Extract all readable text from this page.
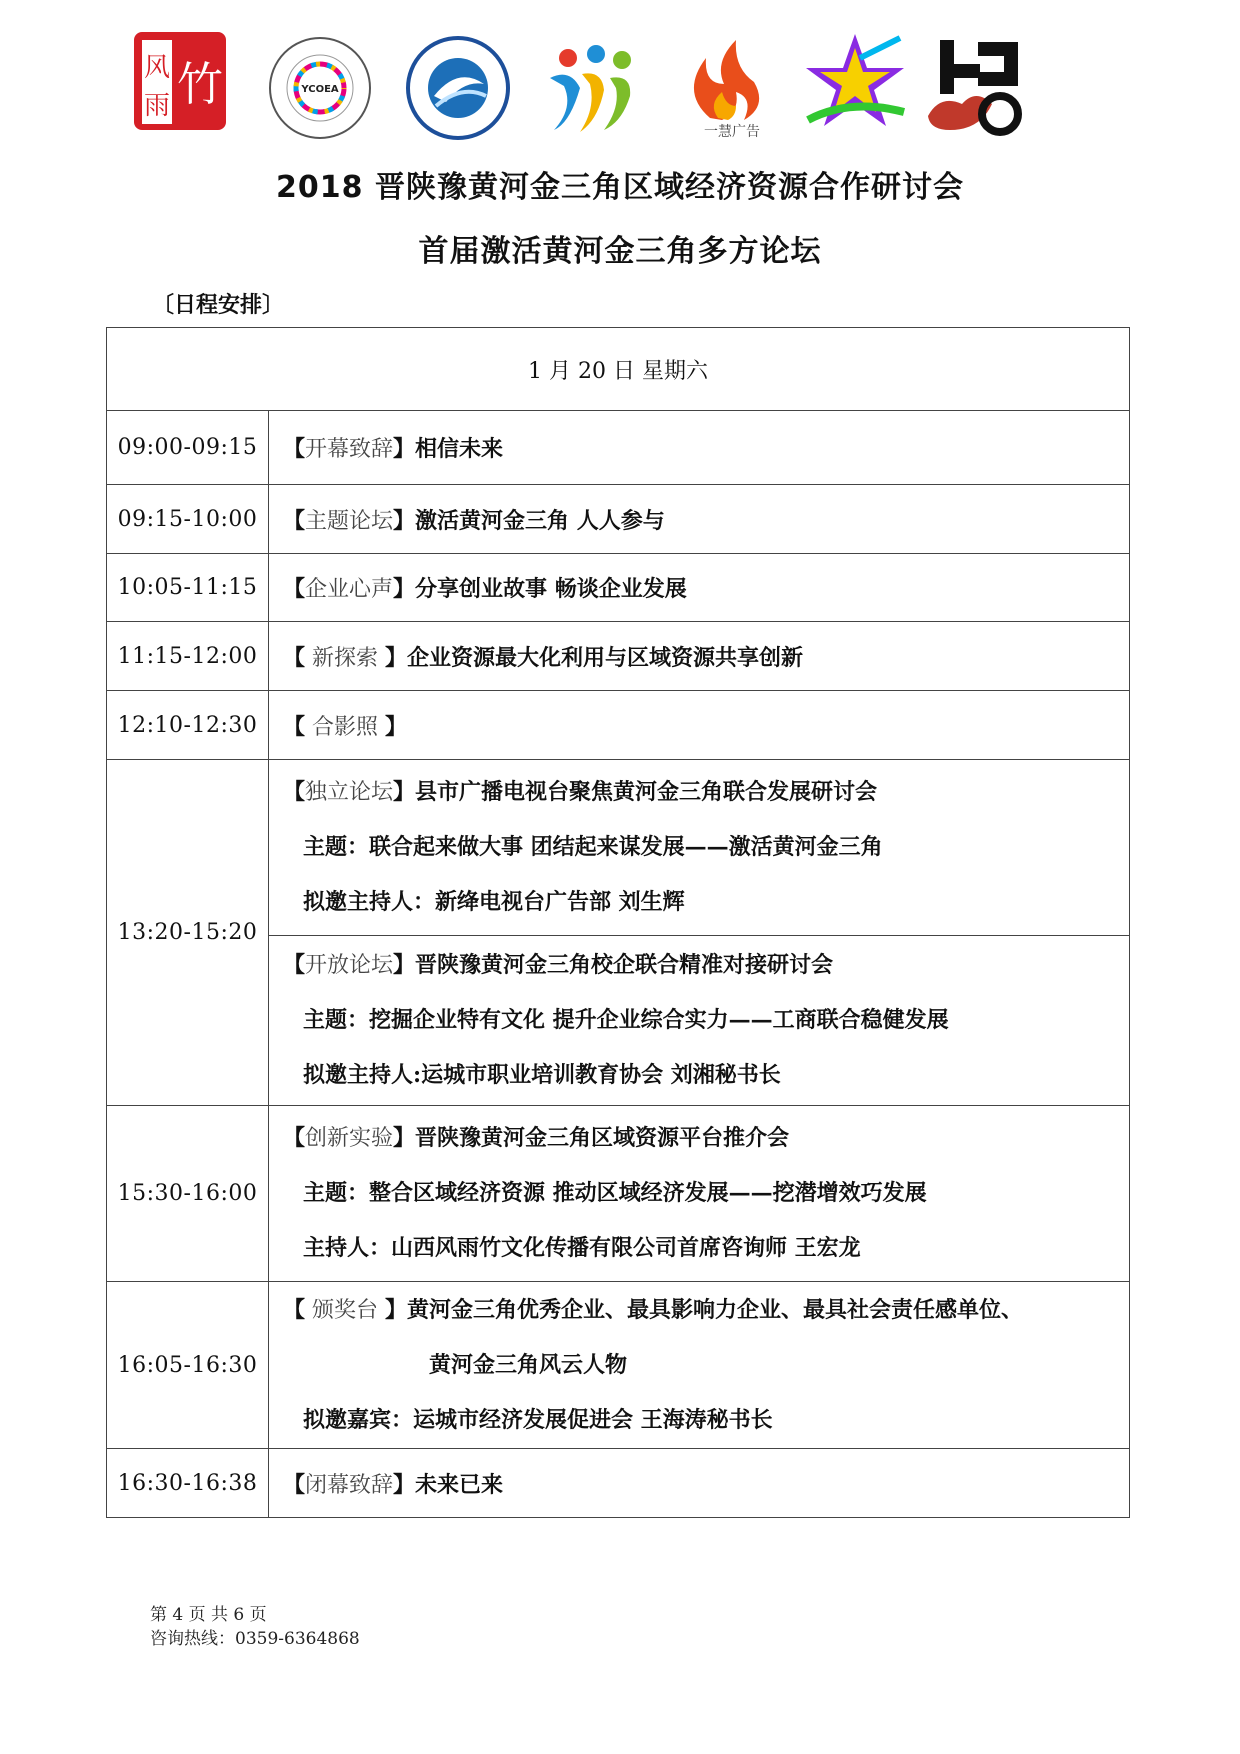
风
雨 竹	YCOEA
一慧广告
2018 晋陕豫黄河金三角区域经济资源合作研讨会
首届激活黄河金三角多方论坛
〔日程安排〕
1 月 20 日 星期六	
09:00-09:15	【开幕致辞】相信未来
09:15-10:00	【主题论坛】激活黄河金三角 人人参与
10:05-11:15	【企业心声】分享创业故事 畅谈企业发展
11:15-12:00	【 新探索 】企业资源最大化利用与区域资源共享创新
12:10-12:30	【 合影照 】
13:20-15:20	【独立论坛】县市广播电视台聚焦黄河金三角联合发展研讨会
主题：联合起来做大事 团结起来谋发展——激活黄河金三角
拟邀主持人：新绛电视台广告部 刘生辉

	【开放论坛】晋陕豫黄河金三角校企联合精准对接研讨会
主题：挖掘企业特有文化 提升企业综合实力——工商联合稳健发展
拟邀主持人:运城市职业培训教育协会 刘湘秘书长

15:30-16:00	【创新实验】晋陕豫黄河金三角区域资源平台推介会
主题：整合区域经济资源 推动区域经济发展——挖潜增效巧发展
主持人：山西风雨竹文化传播有限公司首席咨询师 王宏龙

16:05-16:30	【 颁奖台 】黄河金三角优秀企业、最具影响力企业、最具社会责任感单位、
黄河金三角风云人物
拟邀嘉宾：运城市经济发展促进会 王海涛秘书长

16:30-16:38	【闭幕致辞】未来已来
第 4 页 共 6 页
咨询热线：0359-6364868
